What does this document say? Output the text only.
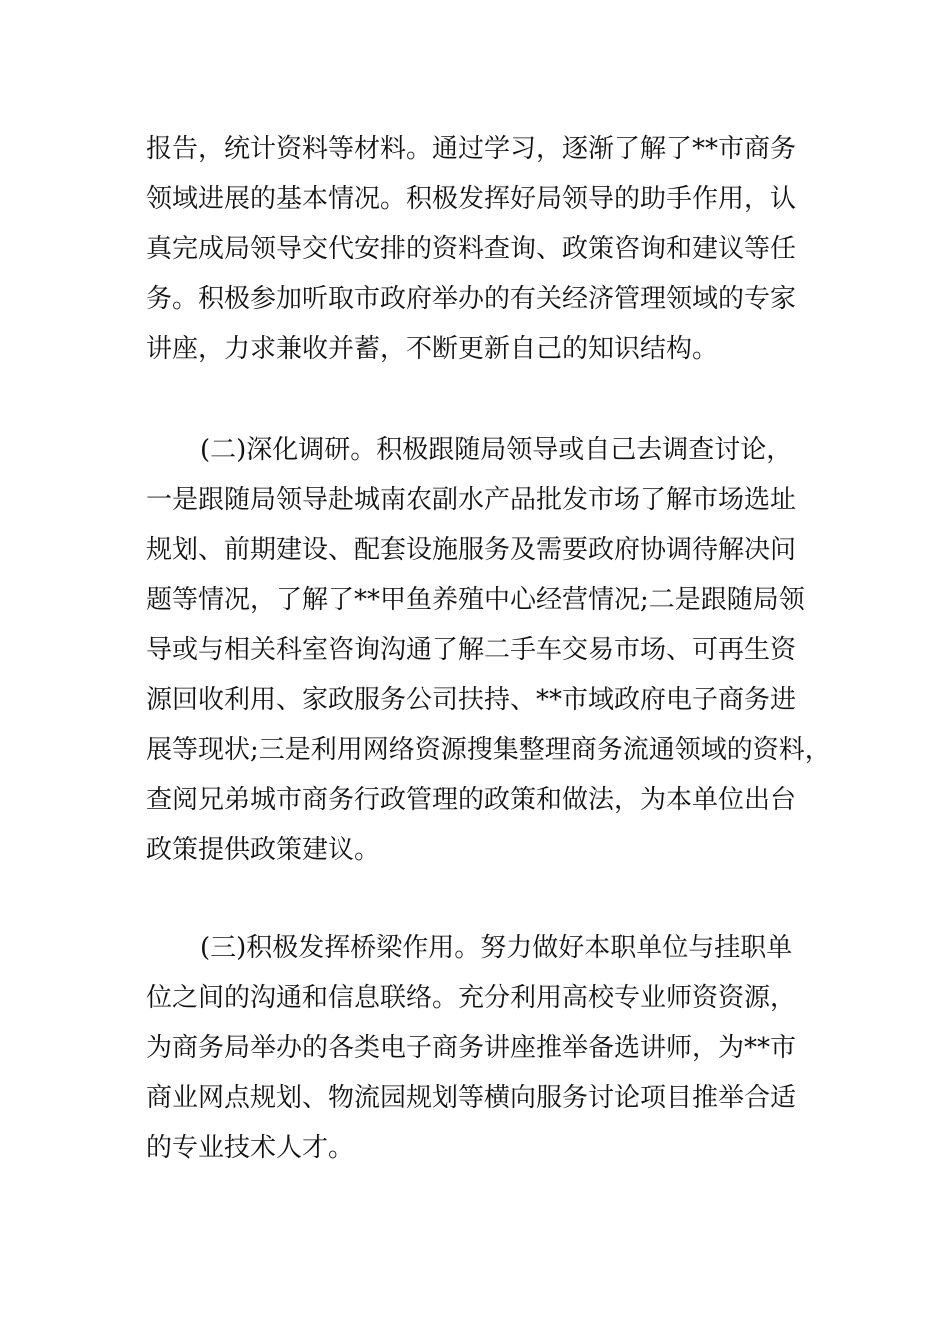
报告，统计资料等材料。通过学习，逐渐了解了**市商务
领域进展的基本情况。积极发挥好局领导的助手作用，认
真完成局领导交代安排的资料查询、政策咨询和建议等任
务。积极参加听取市政府举办的有关经济管理领域的专家
讲座，力求兼收并蓄，不断更新自己的知识结构。
(二)深化调研。积极跟随局领导或自己去调查讨论，
一是跟随局领导赴城南农副水产品批发市场了解市场选址
规划、前期建设、配套设施服务及需要政府协调待解决问
题等情况，了解了**甲鱼养殖中心经营情况;二是跟随局领
导或与相关科室咨询沟通了解二手车交易市场、可再生资
源回收利用、家政服务公司扶持、**市域政府电子商务进
展等现状;三是利用网络资源搜集整理商务流通领域的资料，
查阅兄弟城市商务行政管理的政策和做法，为本单位出台
政策提供政策建议。
(三)积极发挥桥梁作用。努力做好本职单位与挂职单
位之间的沟通和信息联络。充分利用高校专业师资资源，
为商务局举办的各类电子商务讲座推举备选讲师，为**市
商业网点规划、物流园规划等横向服务讨论项目推举合适
的专业技术人才。
